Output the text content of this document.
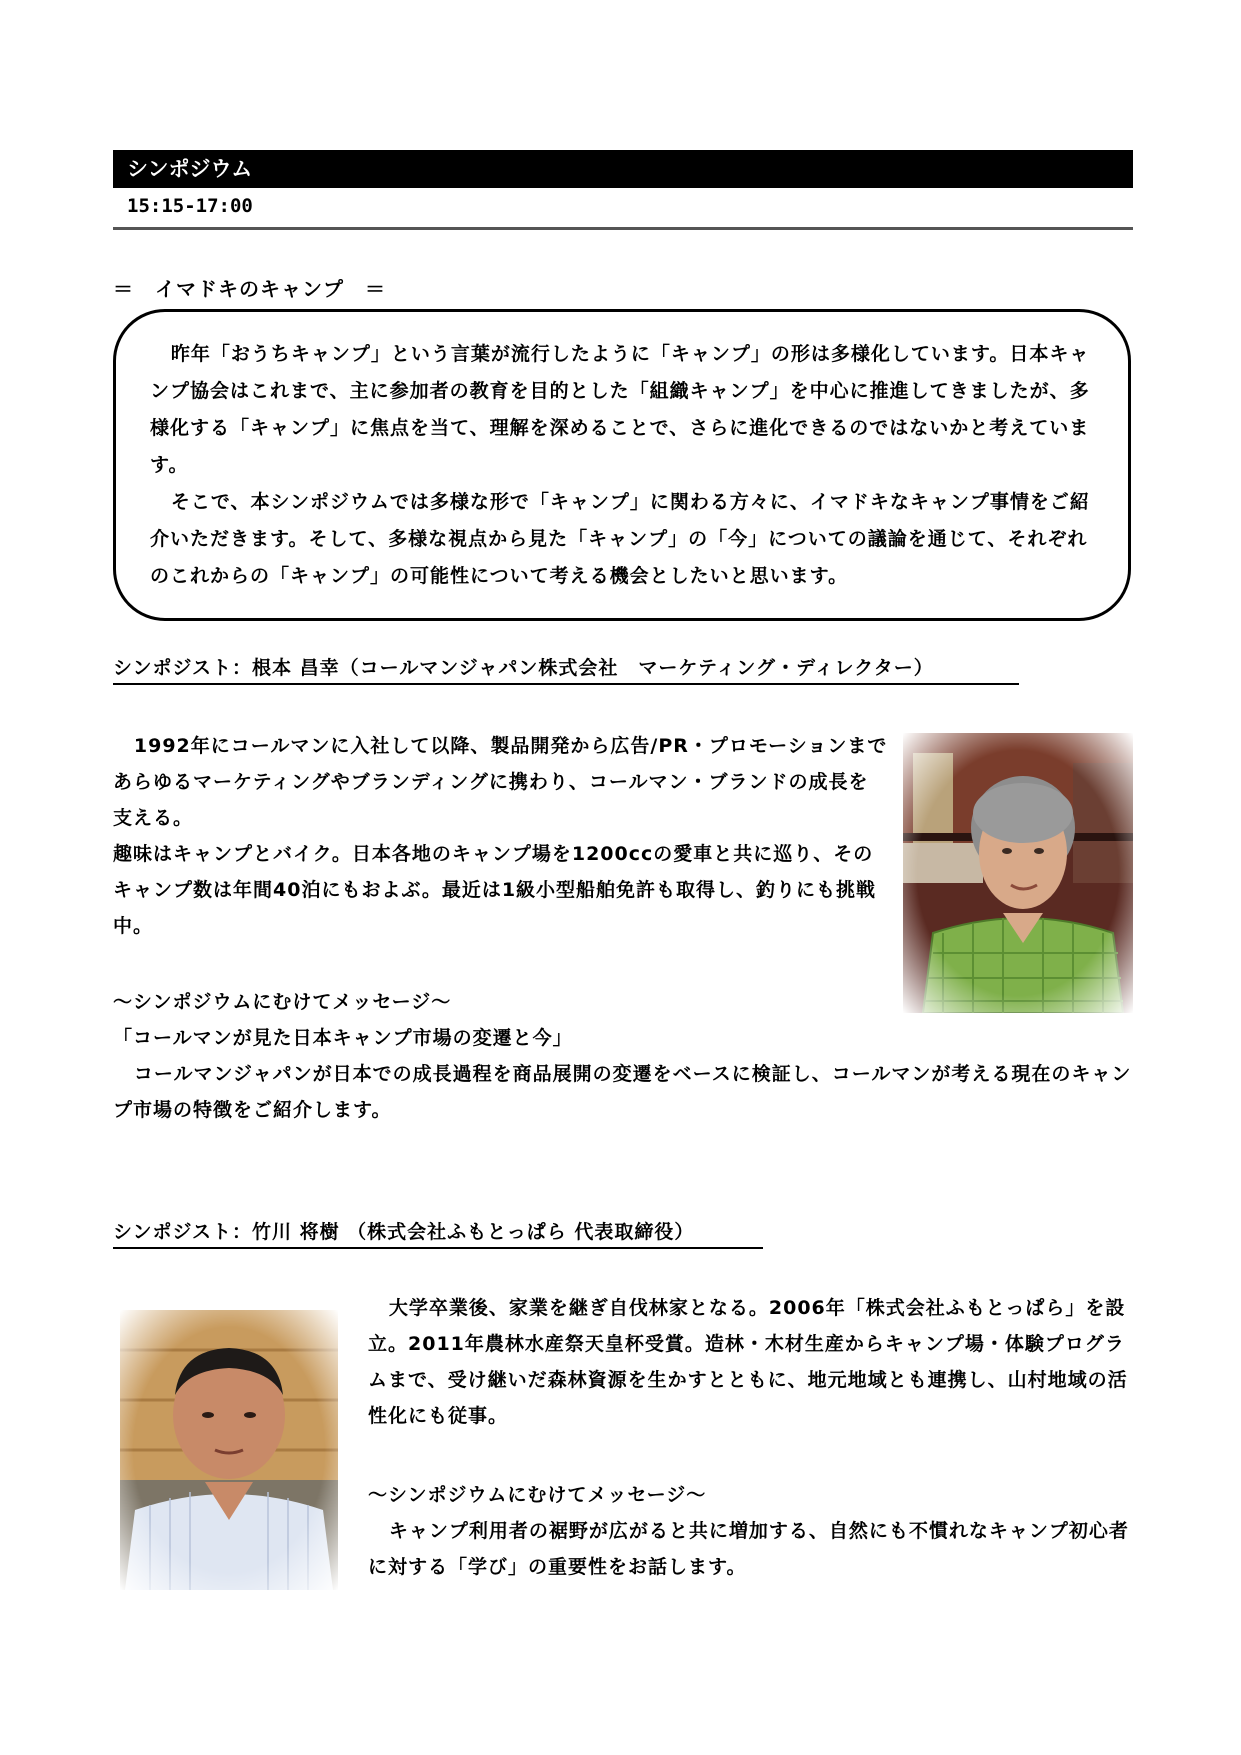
シンポジウム
15:15-17:00
＝　イマドキのキャンプ　＝

昨年「おうちキャンプ」という言葉が流行したように「キャンプ」の形は多様化しています。日本キャンプ協会はこれまで、主に参加者の教育を目的とした「組織キャンプ」を中心に推進してきましたが、多様化する「キャンプ」に焦点を当て、理解を深めることで、さらに進化できるのではないかと考えています。

そこで、本シンポジウムでは多様な形で「キャンプ」に関わる方々に、イマドキなキャンプ事情をご紹介いただきます。そして、多様な視点から見た「キャンプ」の「今」についての議論を通じて、それぞれのこれからの「キャンプ」の可能性について考える機会としたいと思います。

シンポジスト：根本 昌幸（コールマンジャパン株式会社　マーケティング・ディレクター）
1992年にコールマンに入社して以降、製品開発から広告/PR・プロモーションまであらゆるマーケティングやブランディングに携わり、コールマン・ブランドの成長を支える。
趣味はキャンプとバイク。日本各地のキャンプ場を1200ccの愛車と共に巡り、そのキャンプ数は年間40泊にもおよぶ。最近は1級小型船舶免許も取得し、釣りにも挑戦中。
～シンポジウムにむけてメッセージ～
「コールマンが見た日本キャンプ市場の変遷と今」
コールマンジャパンが日本での成長過程を商品展開の変遷をベースに検証し、コールマンが考える現在のキャンプ市場の特徴をご紹介します。
シンポジスト：竹川 将樹 （株式会社ふもとっぱら 代表取締役）
大学卒業後、家業を継ぎ自伐林家となる。2006年「株式会社ふもとっぱら」を設立。2011年農林水産祭天皇杯受賞。造林・木材生産からキャンプ場・体験プログラムまで、受け継いだ森林資源を生かすとともに、地元地域とも連携し、山村地域の活性化にも従事。
～シンポジウムにむけてメッセージ～
キャンプ利用者の裾野が広がると共に増加する、自然にも不慣れなキャンプ初心者に対する「学び」の重要性をお話します。
